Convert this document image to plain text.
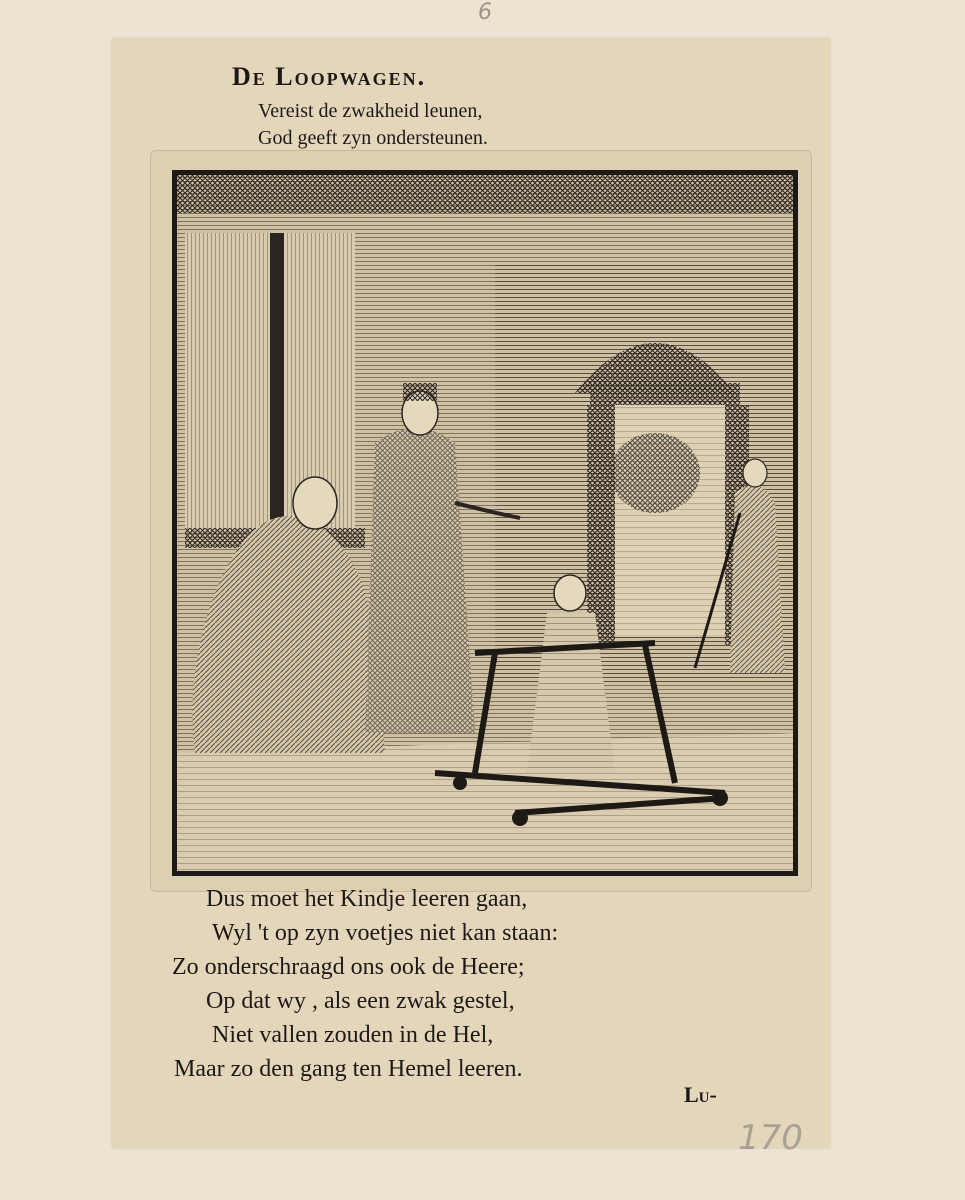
6
De Loopwagen.
Vereist de zwakheid leunen,
God geeft zyn ondersteunen.
Dus moet het Kindje leeren gaan,
Wyl 't op zyn voetjes niet kan staan:
Zo onderschraagd ons ook de Heere;
Op dat wy , als een zwak gestel,
Niet vallen zouden in de Hel,
Maar zo den gang ten Hemel leeren.
Lu-
170
